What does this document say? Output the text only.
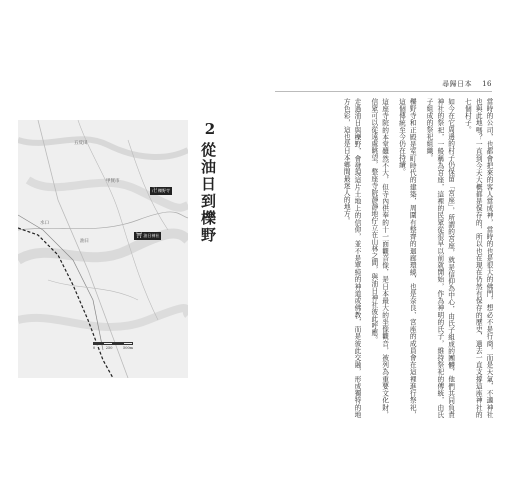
尋歸日本 16
五反田
甲賀市
油日
水口
卍 櫟野寺
⛩ 油日神社
0	250	500m
2
從油日到櫟野	當時的公司，也都會把來的客人當成神，當時的也是很大的佛門，想必不是行商，而是天氣，不適神社也與此地嗎？一直到今天大概都是保存的，所以也在現在仍然有保存的歷史，過去一直支撐這座神社的七個村子。

如今在它周邊的村子仍保留「宮座」，所謂的宮座，就是信仰為中心，由氏子組成的團體，他們共同負責神社的祭祀，一般稱為宮座，這裡的民眾從很早以前就開始，作為神明的氏子，維持祭祀的傳統，由氏子組成的祭祀組織。

櫟野寺和正殿是室町時代的建築，周圍有整齊的迴廊環繞，也是奈良、宮座的成員會在這裡進行祭祀，這個傳統至今仍在持續。

這座寺院的本堂雖然不大，但寺內供奉的十一面觀音像，是日本最大的坐像觀音，被列為重要文化財，信眾可以從遠處眺望，整座寺院靜靜地佇立在山林之間，與油日神社彼此呼應。

走過油日與櫟野，會發現這片土地上的信仰，並不是單純的神道或佛教，而是彼此交融，形成獨特的地方色彩，這也是日本鄉間最迷人的地方。
